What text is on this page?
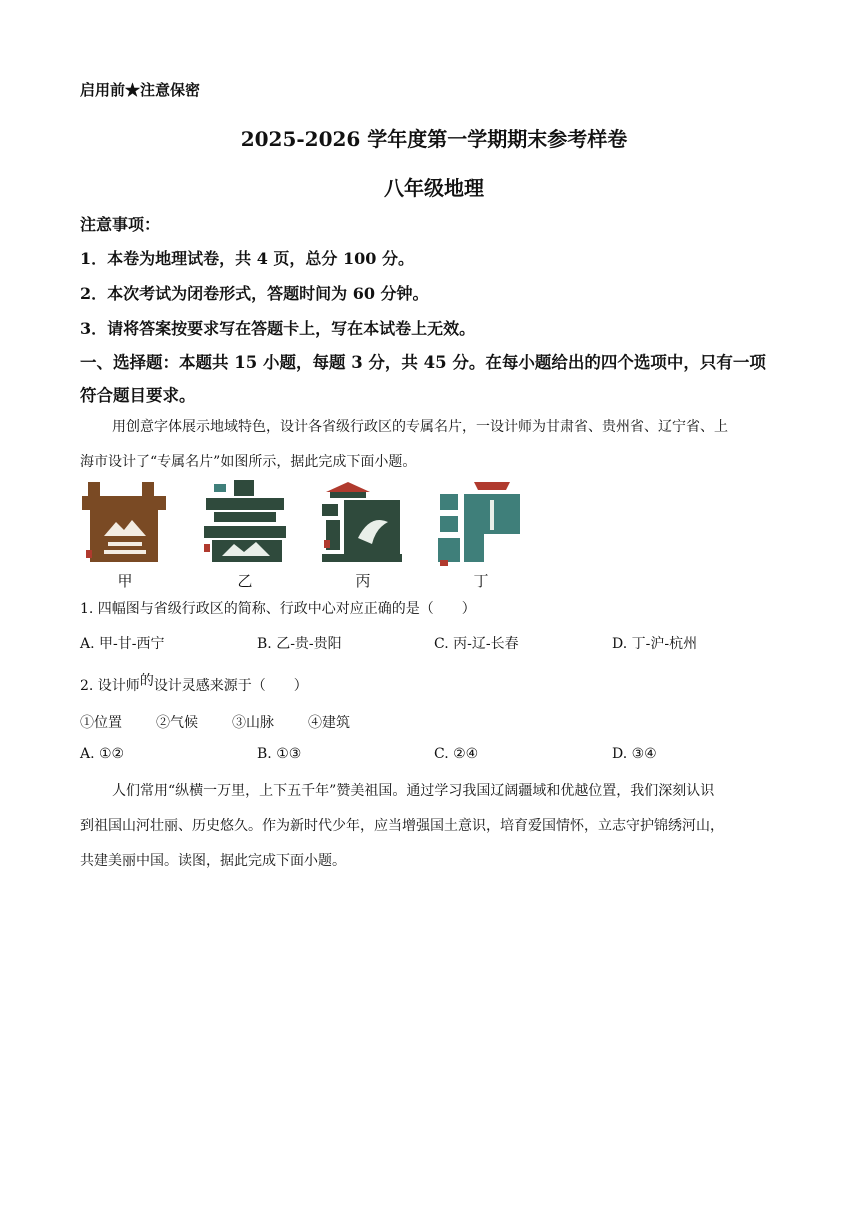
启用前★注意保密
2025-2026 学年度第一学期期末参考样卷
八年级地理
注意事项：
1．本卷为地理试卷，共 4 页，总分 100 分。
2．本次考试为闭卷形式，答题时间为 60 分钟。
3．请将答案按要求写在答题卡上，写在本试卷上无效。
一、选择题：本题共 15 小题，每题 3 分，共 45 分。在每小题给出的四个选项中，只有一项
符合题目要求。
用创意字体展示地域特色，设计各省级行政区的专属名片，一设计师为甘肃省、贵州省、辽宁省、上
海市设计了“专属名片”如图所示，据此完成下面小题。
甲	乙	丙	丁
1. 四幅图与省级行政区的简称、行政中心对应正确的是（　　）
A. 甲-甘-西宁	B. 乙-贵-贵阳	C. 丙-辽-长春	D. 丁-沪-杭州
2. 设计师的设计灵感来源于（　　）
①位置 ②气候 ③山脉 ④建筑
A. ①②	B. ①③	C. ②④	D. ③④
人们常用“纵横一万里，上下五千年”赞美祖国。通过学习我国辽阔疆域和优越位置，我们深刻认识
到祖国山河壮丽、历史悠久。作为新时代少年，应当增强国土意识，培育爱国情怀，立志守护锦绣河山，
共建美丽中国。读图，据此完成下面小题。
